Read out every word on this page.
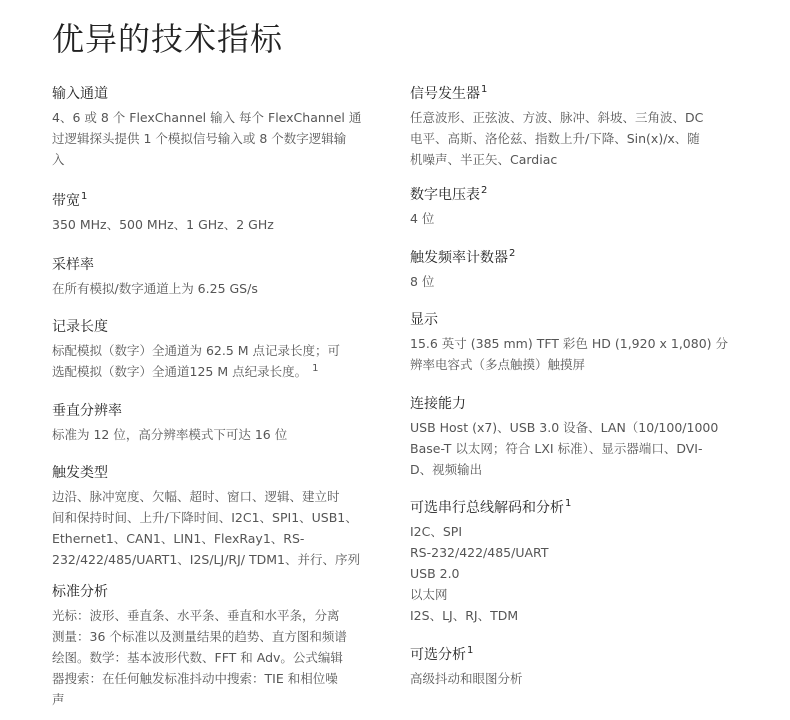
优异的技术指标
输入通道
4、6 或 8 个 FlexChannel 输入 每个 FlexChannel 通
过逻辑探头提供 1 个模拟信号输入或 8 个数字逻辑输
入
带宽$^1$
350 MHz、500 MHz、1 GHz、2 GHz
采样率
在所有模拟/数字通道上为 6.25 GS/s
记录长度
标配模拟（数字）全通道为 62.5 M 点记录长度；可
选配模拟（数字）全通道125 M 点纪录长度。 $^1$
垂直分辨率
标准为 12 位，高分辨率模式下可达 16 位
触发类型
边沿、脉冲宽度、欠幅、超时、窗口、逻辑、建立时
间和保持时间、上升/下降时间、I2C1、SPI1、USB1、
Ethernet1、CAN1、LIN1、FlexRay1、RS-
232/422/485/UART1、I2S/LJ/RJ/ TDM1、并行、序列
标准分析
光标：波形、垂直条、水平条、垂直和水平条，分离
测量：36 个标准以及测量结果的趋势、直方图和频谱
绘图。数学：基本波形代数、FFT 和 Adv。公式编辑
器搜索：在任何触发标准抖动中搜索：TIE 和相位噪
声
信号发生器$^1$
任意波形、正弦波、方波、脉冲、斜坡、三角波、DC
电平、高斯、洛伦兹、指数上升/下降、Sin(x)/x、随
机噪声、半正矢、Cardiac
数字电压表$^2$
4 位
触发频率计数器$^2$
8 位
显示
15.6 英寸 (385 mm) TFT 彩色 HD (1,920 x 1,080) 分
辨率电容式（多点触摸）触摸屏
连接能力
USB Host (x7)、USB 3.0 设备、LAN（10/100/1000
Base-T 以太网；符合 LXI 标准）、显示器端口、DVI-
D、视频输出
可选串行总线解码和分析$^1$
I2C、SPI
RS-232/422/485/UART
USB 2.0
以太网
I2S、LJ、RJ、TDM
可选分析$^1$
高级抖动和眼图分析
